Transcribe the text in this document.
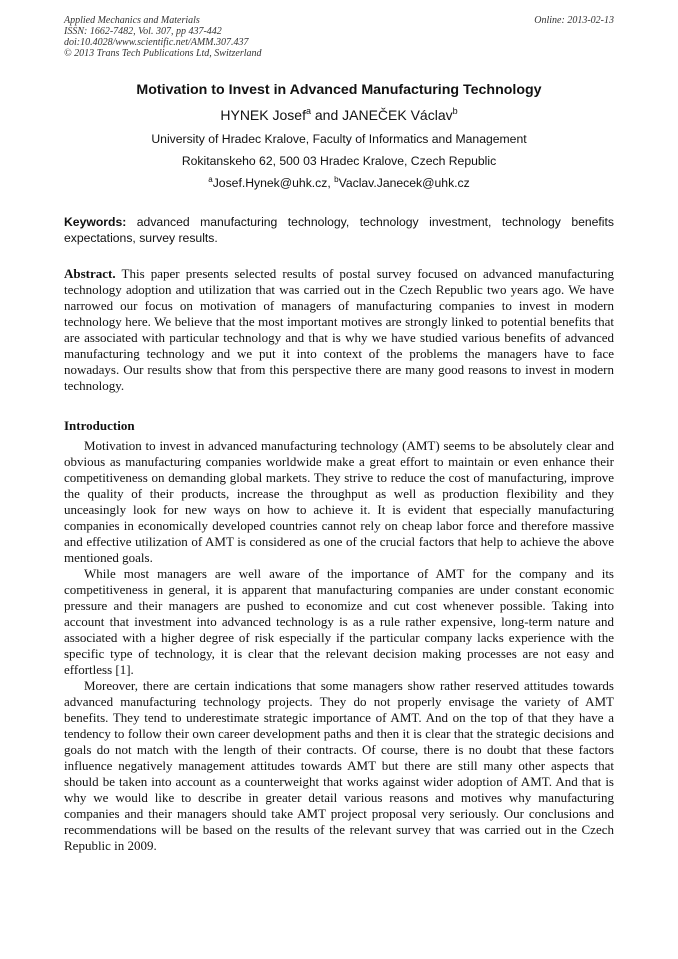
Applied Mechanics and Materials
ISSN: 1662-7482, Vol. 307, pp 437-442
doi:10.4028/www.scientific.net/AMM.307.437
© 2013 Trans Tech Publications Ltd, Switzerland
Online: 2013-02-13
Motivation to Invest in Advanced Manufacturing Technology
HYNEK Josef$^a$ and JANEČEK Václav$^b$
University of Hradec Kralove, Faculty of Informatics and Management
Rokitanskeho 62, 500 03 Hradec Kralove, Czech Republic
$^a$Josef.Hynek@uhk.cz, $^b$Vaclav.Janecek@uhk.cz
Keywords: advanced manufacturing technology, technology investment, technology benefits expectations, survey results.

Abstract. This paper presents selected results of postal survey focused on advanced manufacturing technology adoption and utilization that was carried out in the Czech Republic two years ago. We have narrowed our focus on motivation of managers of manufacturing companies to invest in modern technology here. We believe that the most important motives are strongly linked to potential benefits that are associated with particular technology and that is why we have studied various benefits of advanced manufacturing technology and we put it into context of the problems the managers have to face nowadays. Our results show that from this perspective there are many good reasons to invest in modern technology.

Introduction

Motivation to invest in advanced manufacturing technology (AMT) seems to be absolutely clear and obvious as manufacturing companies worldwide make a great effort to maintain or even enhance their competitiveness on demanding global markets. They strive to reduce the cost of manufacturing, improve the quality of their products, increase the throughput as well as production flexibility and they unceasingly look for new ways on how to achieve it. It is evident that especially manufacturing companies in economically developed countries cannot rely on cheap labor force and therefore massive and effective utilization of AMT is considered as one of the crucial factors that help to achieve the above mentioned goals.

While most managers are well aware of the importance of AMT for the company and its competitiveness in general, it is apparent that manufacturing companies are under constant economic pressure and their managers are pushed to economize and cut cost whenever possible. Taking into account that investment into advanced technology is as a rule rather expensive, long-term nature and associated with a higher degree of risk especially if the particular company lacks experience with the specific type of technology, it is clear that the relevant decision making processes are not easy and effortless [1].

Moreover, there are certain indications that some managers show rather reserved attitudes towards advanced manufacturing technology projects. They do not properly envisage the variety of AMT benefits. They tend to underestimate strategic importance of AMT. And on the top of that they have a tendency to follow their own career development paths and then it is clear that the strategic decisions and goals do not match with the length of their contracts. Of course, there is no doubt that these factors influence negatively management attitudes towards AMT but there are still many other aspects that should be taken into account as a counterweight that works against wider adoption of AMT. And that is why we would like to describe in greater detail various reasons and motives why manufacturing companies and their managers should take AMT project proposal very seriously. Our conclusions and recommendations will be based on the results of the relevant survey that was carried out in the Czech Republic in 2009.
